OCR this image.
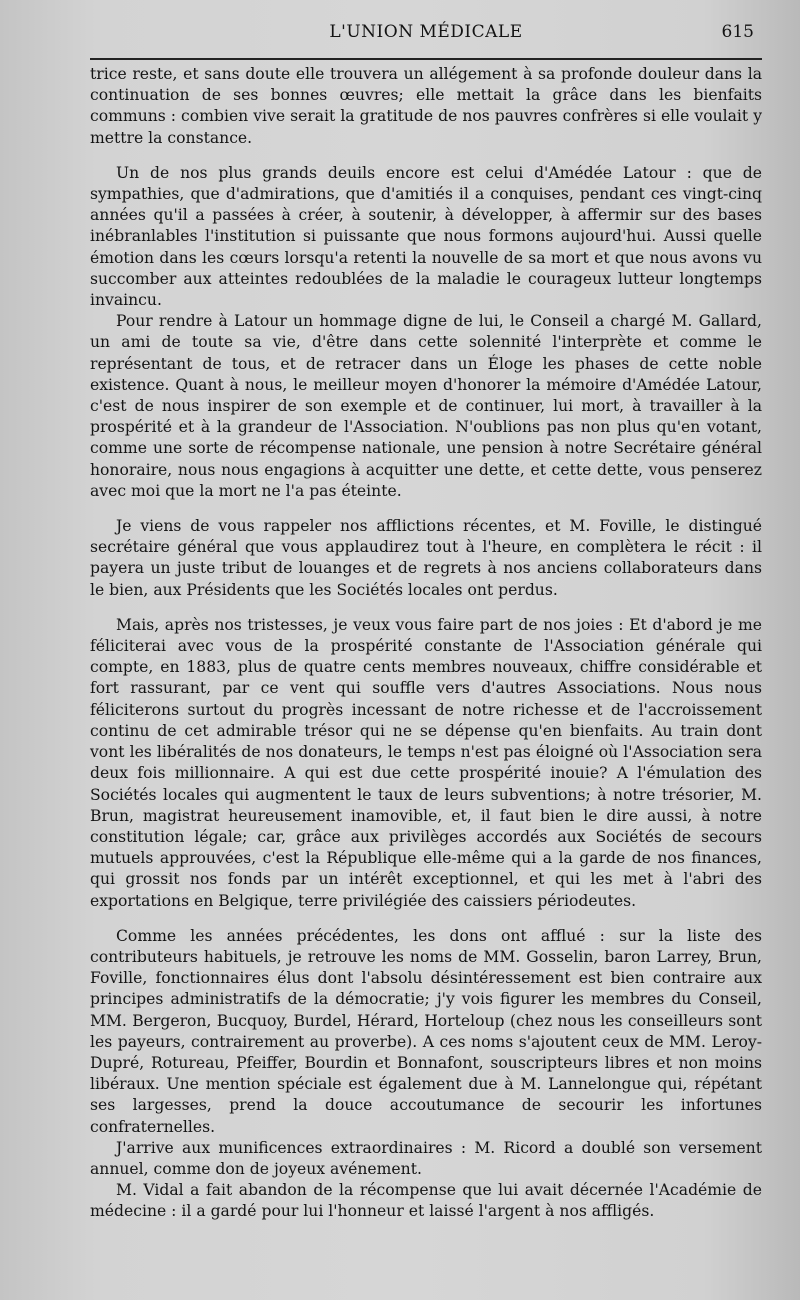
L'UNION MÉDICALE	615

trice reste, et sans doute elle trouvera un allégement à sa profonde douleur dans la continuation de ses bonnes œuvres; elle mettait la grâce dans les bienfaits communs : combien vive serait la gratitude de nos pauvres confrères si elle voulait y mettre la constance.

Un de nos plus grands deuils encore est celui d'Amédée Latour : que de sympathies, que d'admirations, que d'amitiés il a conquises, pendant ces vingt-cinq années qu'il a passées à créer, à soutenir, à développer, à affermir sur des bases inébranlables l'institution si puissante que nous formons aujourd'hui. Aussi quelle émotion dans les cœurs lorsqu'a retenti la nouvelle de sa mort et que nous avons vu succomber aux atteintes redoublées de la maladie le courageux lutteur longtemps invaincu.

Pour rendre à Latour un hommage digne de lui, le Conseil a chargé M. Gallard, un ami de toute sa vie, d'être dans cette solennité l'interprète et comme le représentant de tous, et de retracer dans un Éloge les phases de cette noble existence. Quant à nous, le meilleur moyen d'honorer la mémoire d'Amédée Latour, c'est de nous inspirer de son exemple et de continuer, lui mort, à travailler à la prospérité et à la grandeur de l'Association. N'oublions pas non plus qu'en votant, comme une sorte de récompense nationale, une pension à notre Secrétaire général honoraire, nous nous engagions à acquitter une dette, et cette dette, vous penserez avec moi que la mort ne l'a pas éteinte.

Je viens de vous rappeler nos afflictions récentes, et M. Foville, le distingué secrétaire général que vous applaudirez tout à l'heure, en complètera le récit : il payera un juste tribut de louanges et de regrets à nos anciens collaborateurs dans le bien, aux Présidents que les Sociétés locales ont perdus.

Mais, après nos tristesses, je veux vous faire part de nos joies : Et d'abord je me féliciterai avec vous de la prospérité constante de l'Association générale qui compte, en 1883, plus de quatre cents membres nouveaux, chiffre considérable et fort rassurant, par ce vent qui souffle vers d'autres Associations. Nous nous féliciterons surtout du progrès incessant de notre richesse et de l'accroissement continu de cet admirable trésor qui ne se dépense qu'en bienfaits. Au train dont vont les libéralités de nos donateurs, le temps n'est pas éloigné où l'Association sera deux fois millionnaire. A qui est due cette prospérité inouie? A l'émulation des Sociétés locales qui augmentent le taux de leurs subventions; à notre trésorier, M. Brun, magistrat heureusement inamovible, et, il faut bien le dire aussi, à notre constitution légale; car, grâce aux privilèges accordés aux Sociétés de secours mutuels approuvées, c'est la République elle-même qui a la garde de nos finances, qui grossit nos fonds par un intérêt exceptionnel, et qui les met à l'abri des exportations en Belgique, terre privilégiée des caissiers périodeutes.

Comme les années précédentes, les dons ont afflué : sur la liste des contributeurs habituels, je retrouve les noms de MM. Gosselin, baron Larrey, Brun, Foville, fonctionnaires élus dont l'absolu désintéressement est bien contraire aux principes administratifs de la démocratie; j'y vois figurer les membres du Conseil, MM. Bergeron, Bucquoy, Burdel, Hérard, Horteloup (chez nous les conseilleurs sont les payeurs, contrairement au proverbe). A ces noms s'ajoutent ceux de MM. Leroy-Dupré, Rotureau, Pfeiffer, Bourdin et Bonnafont, souscripteurs libres et non moins libéraux. Une mention spéciale est également due à M. Lannelongue qui, répétant ses largesses, prend la douce accoutumance de secourir les infortunes confraternelles.

J'arrive aux munificences extraordinaires : M. Ricord a doublé son versement annuel, comme don de joyeux avénement.

M. Vidal a fait abandon de la récompense que lui avait décernée l'Académie de médecine : il a gardé pour lui l'honneur et laissé l'argent à nos affligés.
